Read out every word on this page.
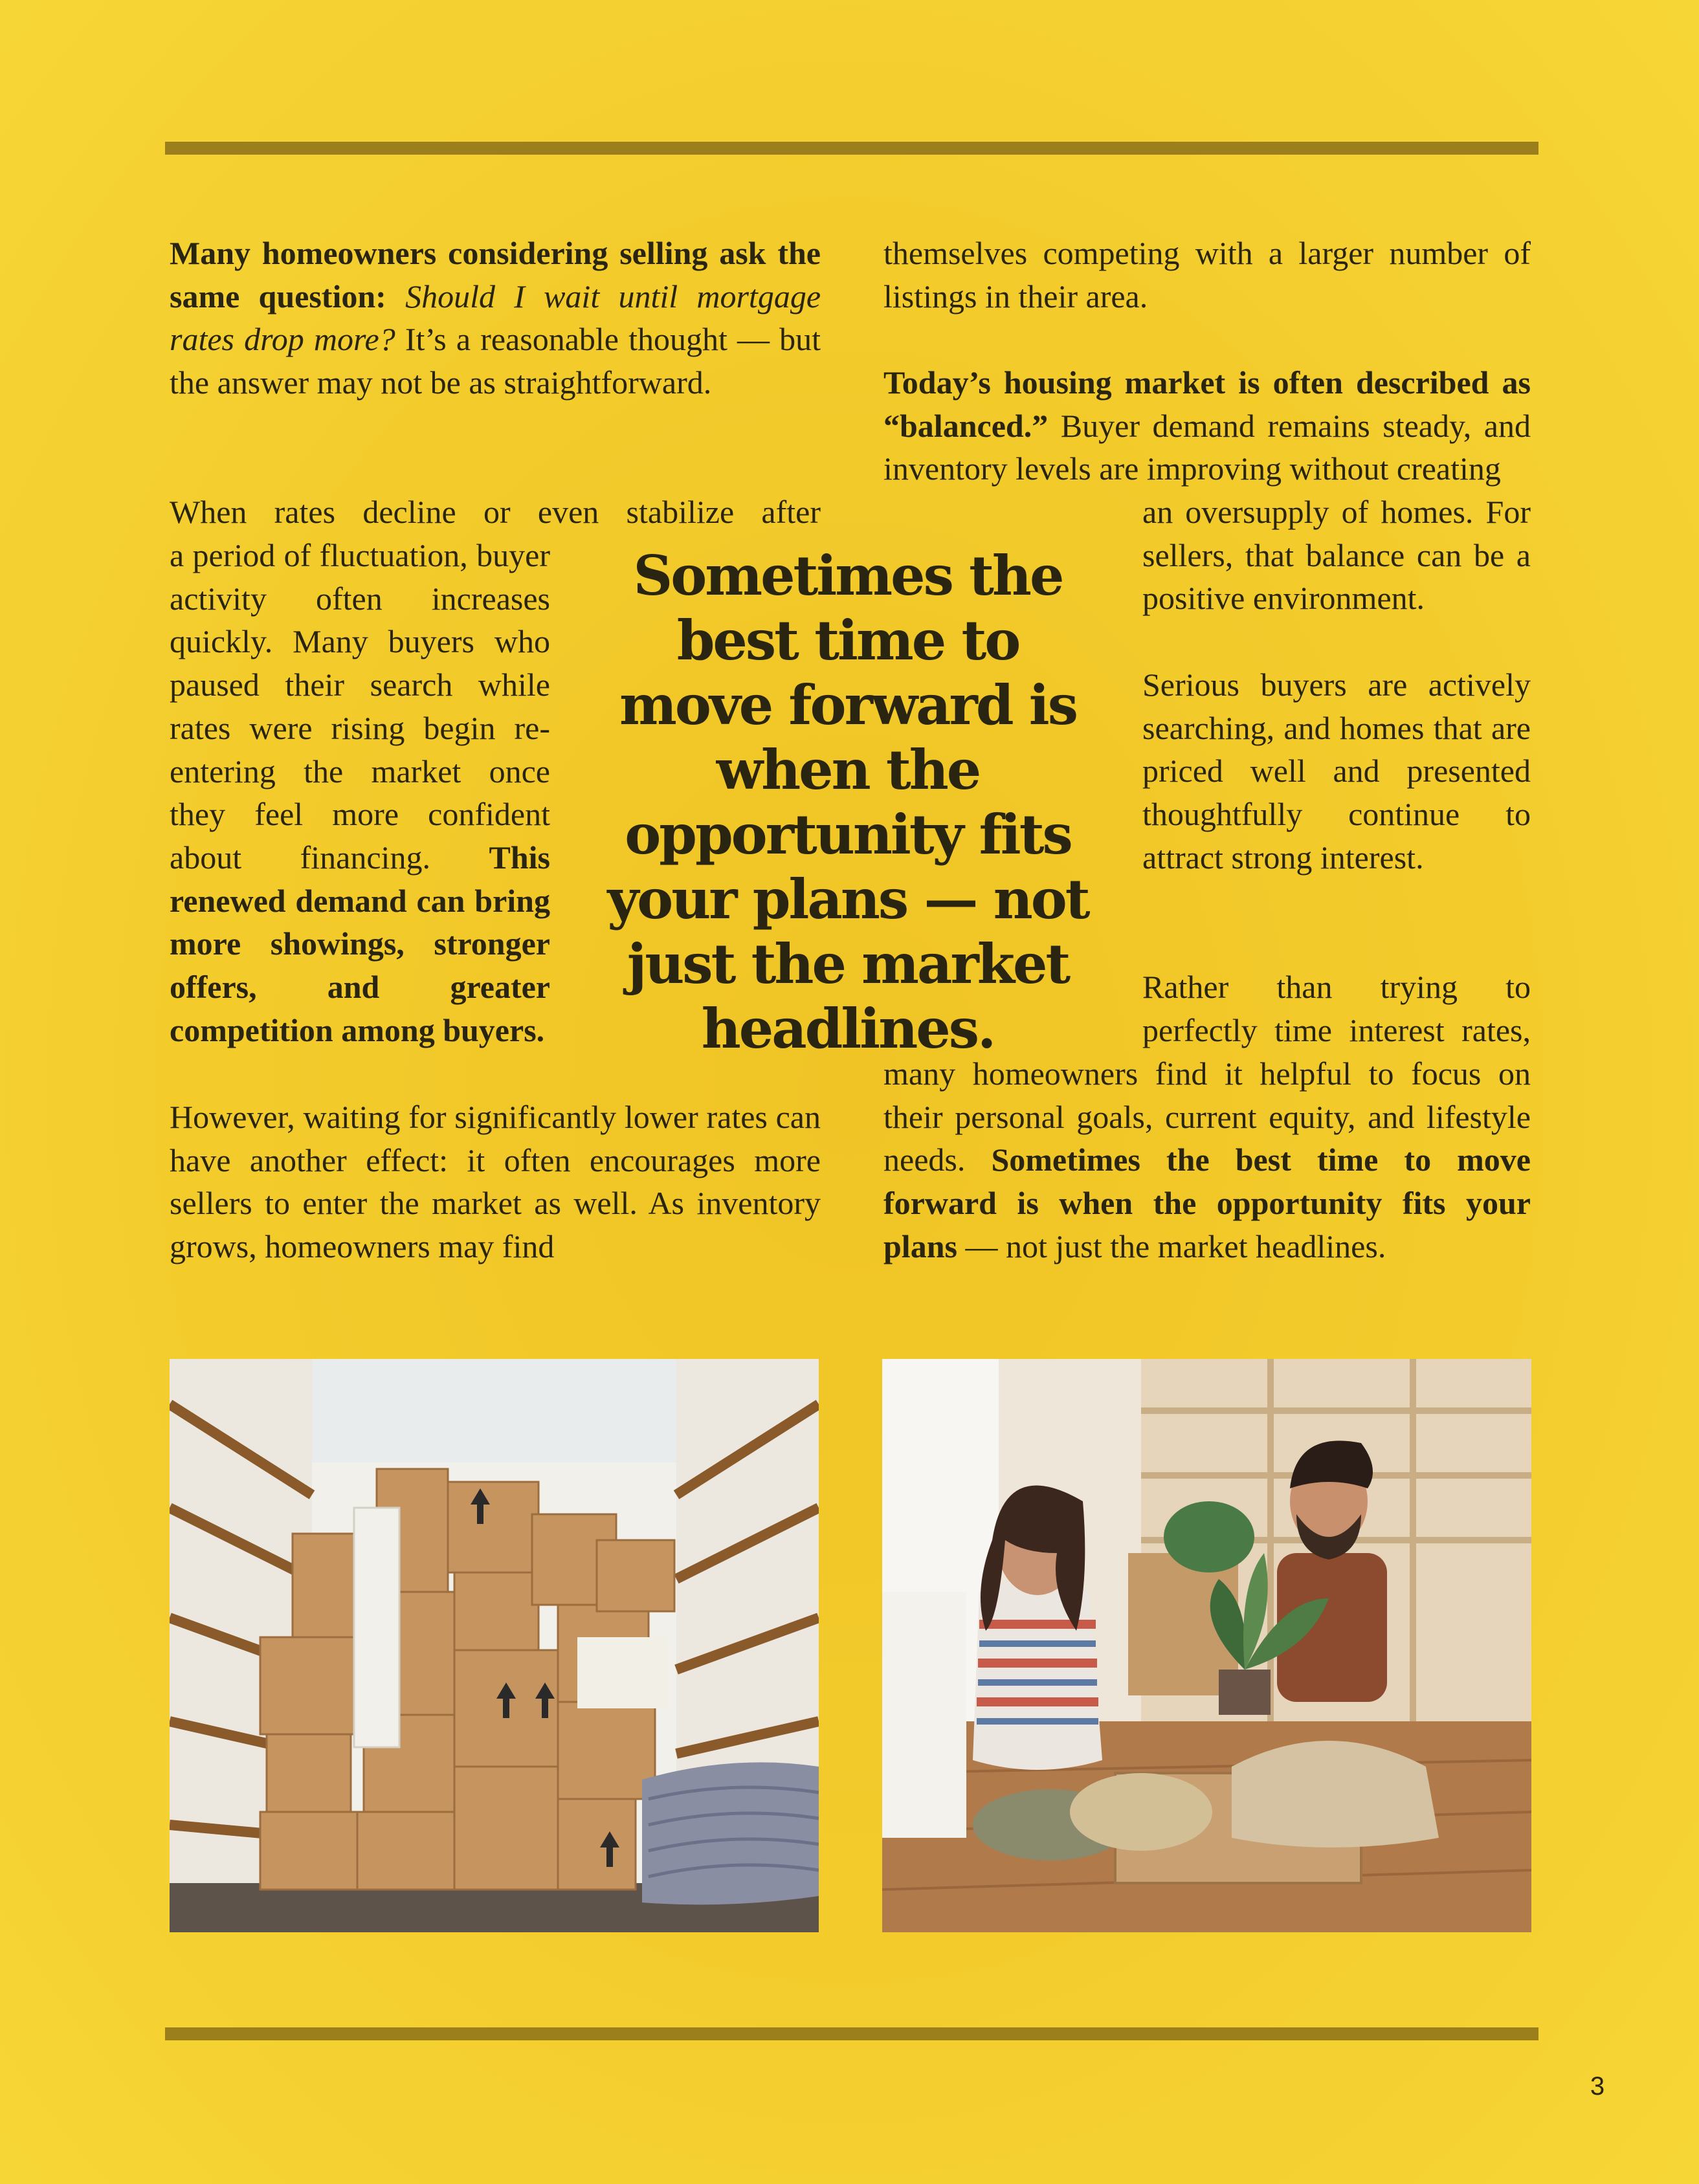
Many homeowners considering selling ask the same question: Should I wait until mortgage rates drop more? It’s a reasonable thought — but the answer may not be as straightforward.
When rates decline or even stabilize after
a period of fluctuation, buyer activity often increases quickly. Many buyers who paused their search while rates were rising begin re-entering the market once they feel more confident about financing. This renewed demand can bring more showings, stronger offers, and greater competition among buyers.
However, waiting for significantly lower rates can have another effect: it often encourages more sellers to enter the market as well. As inventory grows, homeowners may find
themselves competing with a larger number of listings in their area.
Today’s housing market is often described as “balanced.” Buyer demand remains steady, and inventory levels are improving without creating
an oversupply of homes. For sellers, that balance can be a positive environment.
Serious buyers are actively searching, and homes that are priced well and presented thoughtfully continue to attract strong interest.

Rather than trying to perfectly time interest rates,

many homeowners find it helpful to focus on their personal goals, current equity, and lifestyle needs. Sometimes the best time to move forward is when the opportunity fits your plans — not just the market headlines.
Sometimes the best time to move forward is when the opportunity fits your plans — not just the market headlines.
3
